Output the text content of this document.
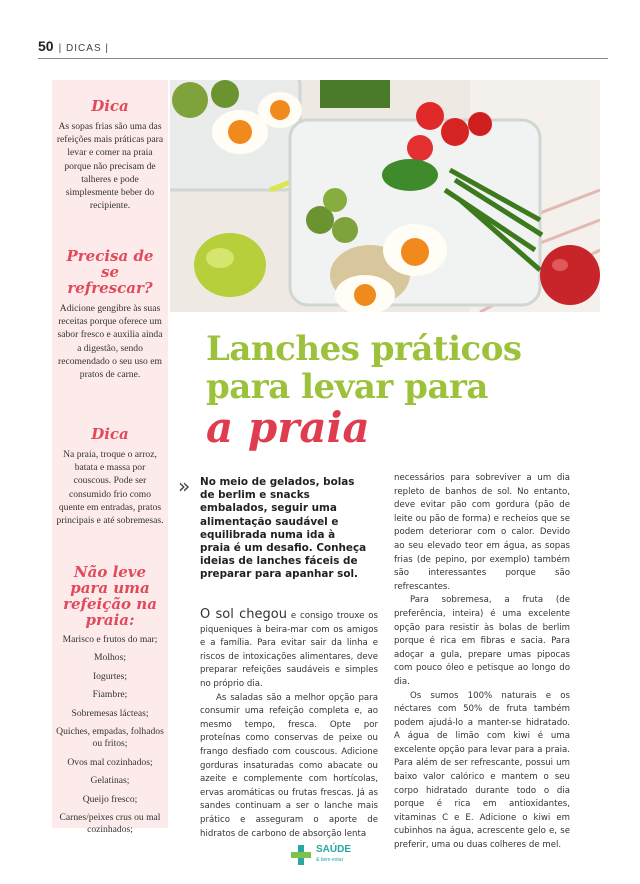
50 | DICAS |
Dica

As sopas frias são uma das refeições mais práticas para levar e comer na praia porque não precisam de talheres e pode simplesmente beber do recipiente.

Precisa de se refrescar?

Adicione gengibre às suas receitas porque oferece um sabor fresco e auxilia ainda a digestão, sendo recomendado o seu uso em pratos de carne.

Dica

Na praia, troque o arroz, batata e massa por couscous. Pode ser consumido frio como quente em entradas, pratos principais e até sobremesas.

Não leve para uma refeição na praia:
Marisco e frutos do mar;
Molhos;
Iogurtes;
Fiambre;
Sobremesas lácteas;
Quiches, empadas, folhados ou fritos;
Ovos mal cozinhados;
Gelatinas;
Queijo fresco;
Carnes/peixes crus ou mal cozinhados;
Lanches práticos
para levar para
a praia
» No meio de gelados, bolas de berlim e snacks embalados, seguir uma alimentação saudável e equilibrada numa ida à praia é um desafio. Conheça ideias de lanches fáceis de preparar para apanhar sol.

O sol chegou e consigo trouxe os piqueniques à beira-mar com os amigos e a família. Para evitar sair da linha e riscos de intoxicações alimentares, deve preparar refeições saudáveis e simples no próprio dia.

As saladas são a melhor opção para consumir uma refeição completa e, ao mesmo tempo, fresca. Opte por proteínas como conservas de peixe ou frango desfiado com couscous. Adicione gorduras insaturadas como abacate ou azeite e complemente com hortícolas, ervas aromáticas ou frutas frescas. Já as sandes continuam a ser o lanche mais prático e asseguram o aporte de hidratos de carbono de absorção lenta

necessários para sobreviver a um dia repleto de banhos de sol. No entanto, deve evitar pão com gordura (pão de leite ou pão de forma) e recheios que se podem deteriorar com o calor. Devido ao seu elevado teor em água, as sopas frias (de pepino, por exemplo) também são interessantes porque são refrescantes.

Para sobremesa, a fruta (de preferência, inteira) é uma excelente opção para resistir às bolas de berlim porque é rica em fibras e sacia. Para adoçar a gula, prepare umas pipocas com pouco óleo e petisque ao longo do dia.

Os sumos 100% naturais e os néctares com 50% de fruta também podem ajudá-lo a manter-se hidratado. A água de limão com kiwi é uma excelente opção para levar para a praia. Para além de ser refrescante, possui um baixo valor calórico e mantem o seu corpo hidratado durante todo o dia porque é rica em antioxidantes, vitaminas C e E. Adicione o kiwi em cubinhos na água, acrescente gelo e, se preferir, uma ou duas colheres de mel.

SAÚDE
& bem-estar
